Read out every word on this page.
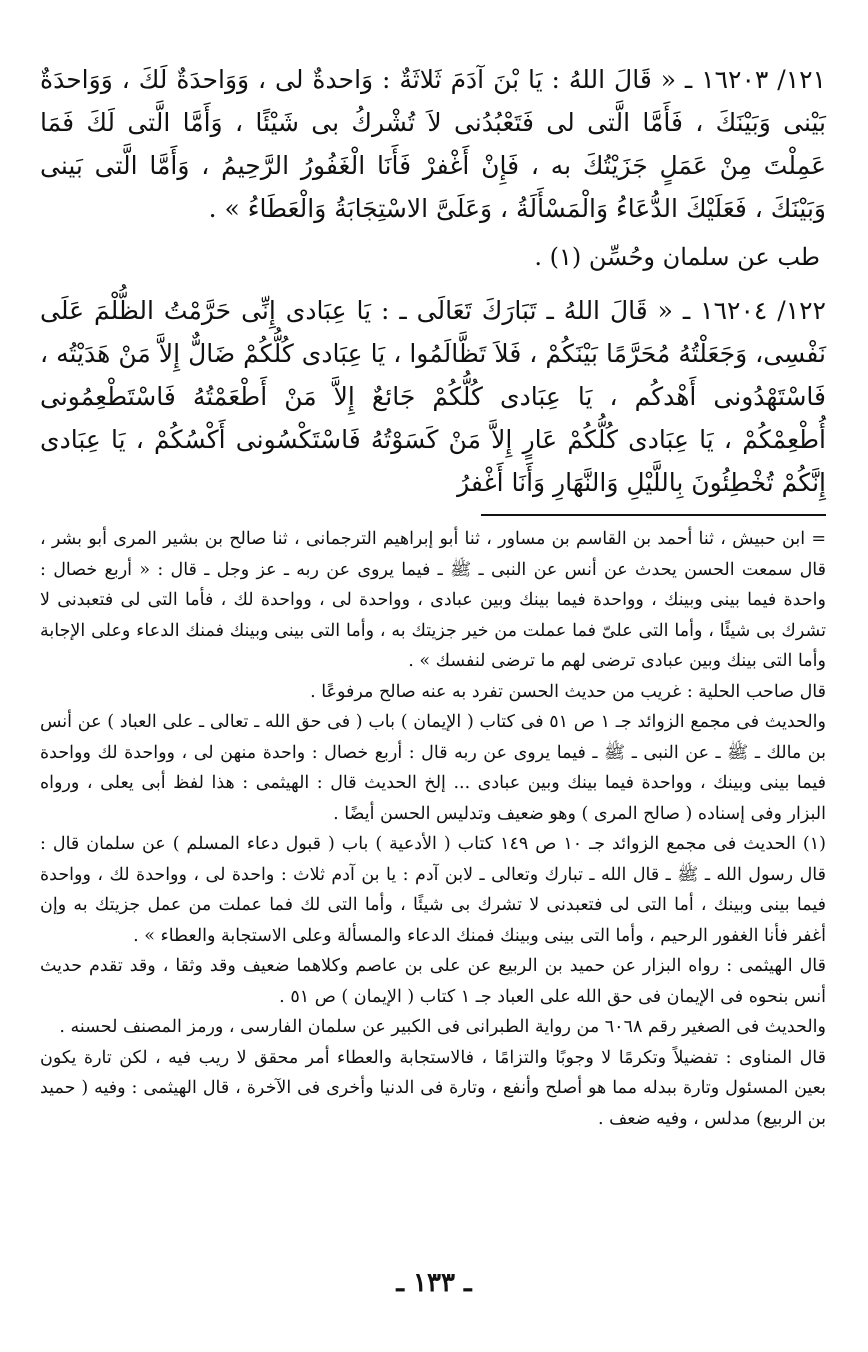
١٢١/ ١٦٢٠٣ ـ « قَالَ اللهُ : يَا بْنَ آدَمَ ثَلاثَةٌ : وَاحدةٌ لى ، وَوَاحدَةٌ لَكَ ، وَوَاحدَةٌ بَيْنى وَبَيْنَكَ ، فَأَمَّا الَّتى لى فَتَعْبُدُنى لاَ تُشْركُ بى شَيْئًا ، وَأَمَّا الَّتى لَكَ فَمَا عَمِلْتَ مِنْ عَمَلٍ جَزَيْتُكَ به ، فَإِنْ أَغْفرْ فَأَنَا الْغَفُورُ الرَّحِيمُ ، وَأَمَّا الَّتى بَينى وَبَيْنَكَ ، فَعَلَيْكَ الدُّعَاءُ وَالْمَسْأَلَةُ ، وَعَلَىَّ الاسْتِجَابَةُ وَالْعَطَاءُ » .

طب عن سلمان وحُسِّن (١) .

١٢٢/ ١٦٢٠٤ ـ « قَالَ اللهُ ـ تَبَارَكَ تَعَالَى ـ : يَا عِبَادى إِنِّى حَرَّمْتُ الظُّلْمَ عَلَى نَفْسِى، وَجَعَلْتُهُ مُحَرَّمًا بَيْنَكُمْ ، فَلاَ تَظَّالَمُوا ، يَا عِبَادى كُلُّكُمْ ضَالٌّ إِلاَّ مَنْ هَدَيْتُه ، فَاسْتَهْدُونى أَهْدكُم ، يَا عِبَادى كُلُّكُمْ جَائعٌ إِلاَّ مَنْ أَطْعَمْتُهُ فَاسْتَطْعِمُونى أُطْعِمْكُمْ ، يَا عِبَادى كُلُّكُمْ عَارٍ إِلاَّ مَنْ كَسَوْتُهُ فَاسْتَكْسُونى أَكْسُكُمْ ، يَا عِبَادى إِنَّكُمْ تُخْطِئُونَ بِاللَّيْلِ وَالنَّهَارِ وَأَنَا أَغْفرُ

= ابن حبيش ، ثنا أحمد بن القاسم بن مساور ، ثنا أبو إبراهيم الترجمانى ، ثنا صالح بن بشير المرى أبو بشر ، قال سمعت الحسن يحدث عن أنس عن النبى ـ ﷺ ـ فيما يروى عن ربه ـ عز وجل ـ قال : « أربع خصال : واحدة فيما بينى وبينك ، وواحدة فيما بينك وبين عبادى ، وواحدة لى ، وواحدة لك ، فأما التى لى فتعبدنى لا تشرك بى شيئًا ، وأما التى علىّ فما عملت من خير جزيتك به ، وأما التى بينى وبينك فمنك الدعاء وعلى الإجابة وأما التى بينك وبين عبادى ترضى لهم ما ترضى لنفسك » .

قال صاحب الحلية : غريب من حديث الحسن تفرد به عنه صالح مرفوعًا .

والحديث فى مجمع الزوائد جـ ١ ص ٥١ فى كتاب ( الإيمان ) باب ( فى حق الله ـ تعالى ـ على العباد ) عن أنس بن مالك ـ ﷺ ـ عن النبى ـ ﷺ ـ فيما يروى عن ربه قال : أربع خصال : واحدة منهن لى ، وواحدة لك وواحدة فيما بينى وبينك ، وواحدة فيما بينك وبين عبادى ... إلخ الحديث قال : الهيثمى : هذا لفظ أبى يعلى ، ورواه البزار وفى إسناده ( صالح المرى ) وهو ضعيف وتدليس الحسن أيضًا .

(١) الحديث فى مجمع الزوائد جـ ١٠ ص ١٤٩ كتاب ( الأدعية ) باب ( قبول دعاء المسلم ) عن سلمان قال : قال رسول الله ـ ﷺ ـ قال الله ـ تبارك وتعالى ـ لابن آدم : يا بن آدم ثلاث : واحدة لى ، وواحدة لك ، وواحدة فيما بينى وبينك ، أما التى لى فتعبدنى لا تشرك بى شيئًا ، وأما التى لك فما عملت من عمل جزيتك به وإن أغفر فأنا الغفور الرحيم ، وأما التى بينى وبينك فمنك الدعاء والمسألة وعلى الاستجابة والعطاء » .

قال الهيثمى : رواه البزار عن حميد بن الربيع عن على بن عاصم وكلاهما ضعيف وقد وثقا ، وقد تقدم حديث أنس بنحوه فى الإيمان فى حق الله على العباد جـ ١ كتاب ( الإيمان ) ص ٥١ .

والحديث فى الصغير رقم ٦٠٦٨ من رواية الطبرانى فى الكبير عن سلمان الفارسى ، ورمز المصنف لحسنه .

قال المناوى : تفضيلاً وتكرمًا لا وجوبًا والتزامًا ، فالاستجابة والعطاء أمر محقق لا ريب فيه ، لكن تارة يكون بعين المسئول وتارة ببدله مما هو أصلح وأنفع ، وتارة فى الدنيا وأخرى فى الآخرة ، قال الهيثمى : وفيه ( حميد بن الربيع) مدلس ، وفيه ضعف .

ـ ١٣٣ ـ
